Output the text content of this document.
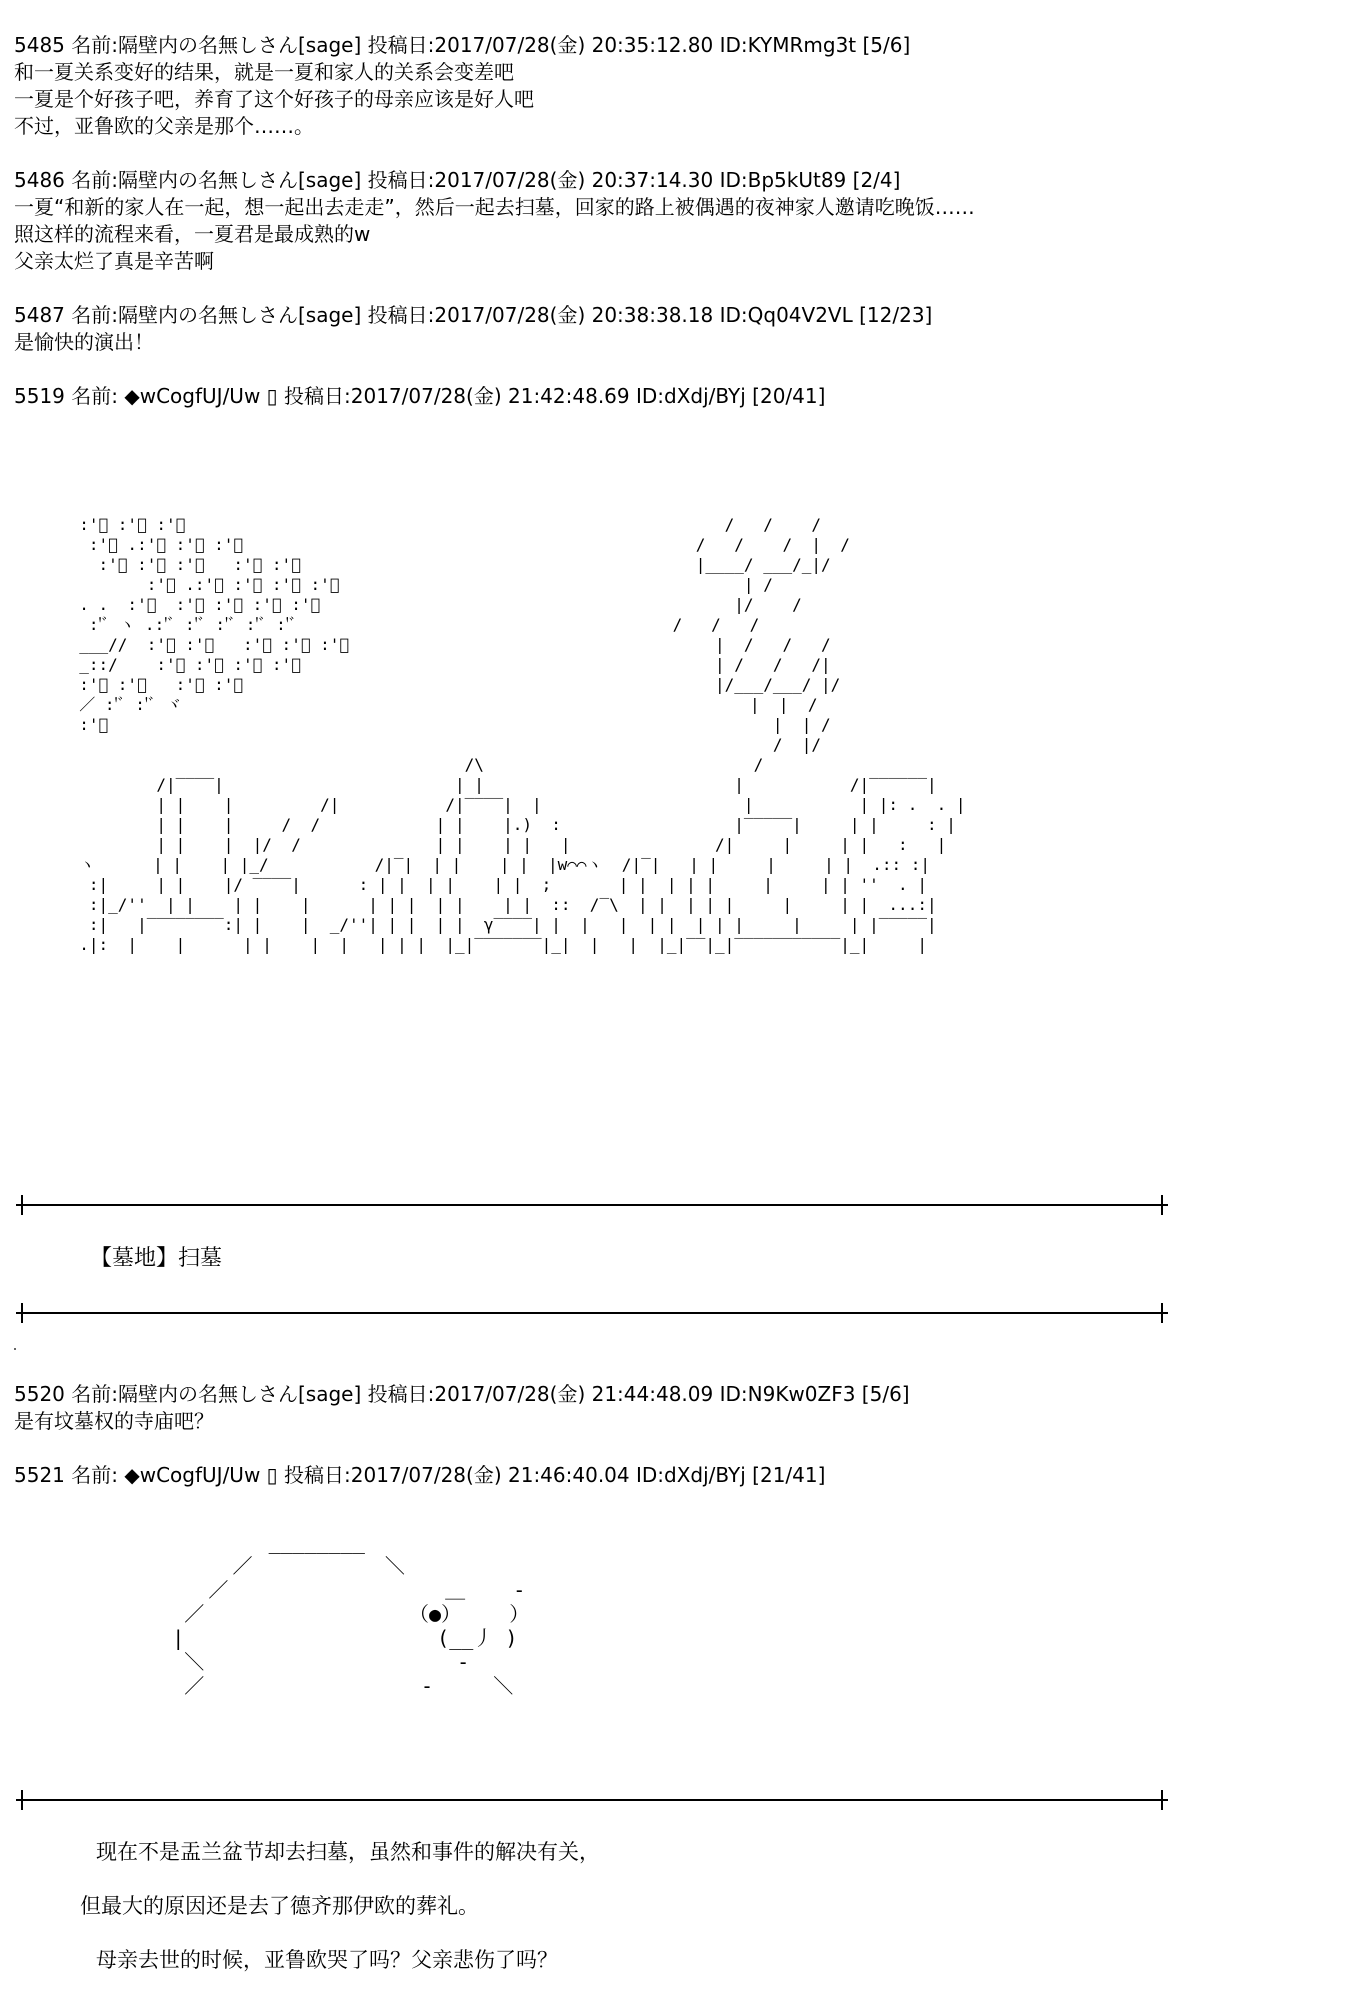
5485 名前:隔壁内の名無しさん[sage] 投稿日:2017/07/28(金) 20:35:12.80 ID:KYMRmg3t [5/6]
和一夏关系变好的结果，就是一夏和家人的关系会变差吧
一夏是个好孩子吧，养育了这个好孩子的母亲应该是好人吧
不过，亚鲁欧的父亲是那个……。
5486 名前:隔壁内の名無しさん[sage] 投稿日:2017/07/28(金) 20:37:14.30 ID:Bp5kUt89 [2/4]
一夏“和新的家人在一起，想一起出去走走”，然后一起去扫墓，回家的路上被偶遇的夜神家人邀请吃晚饭……
照这样的流程来看，一夏君是最成熟的w
父亲太烂了真是辛苦啊
5487 名前:隔壁内の名無しさん[sage] 投稿日:2017/07/28(金) 20:38:38.18 ID:Qq04V2VL [12/23]
是愉快的演出！
5519 名前: ◆wCogfUJ/Uw ▯ 投稿日:2017/07/28(金) 21:42:48.69 ID:dXdj/BYj [20/41]
:'ﾞ :'ﾞ :'ﾞ                                                        /   /    /
:'ﾞ .:'ﾞ :'ﾞ :'ﾞ                                               /   /    /  |  /
:'ﾞ :'ﾞ :'ﾞ   :'ﾞ :'ﾞ                                         |____/ ___/_|/
:'ﾞ .:'ﾞ :'ﾞ :'ﾞ :'ﾞ                                          | /
. .  :'ﾞ  :'ﾞ :'ﾞ :'ﾞ :'ﾞ                                           |/    /
:'ﾞ ヽ .:'ﾞ :'ﾞ :'ﾞ :'ﾞ :'ﾞ                                       /   /   /
___//  :'ﾞ :'ﾞ   :'ﾞ :'ﾞ :'ﾞ                                      |  /   /   /
_::/    :'ﾞ :'ﾞ :'ﾞ :'ﾞ                                           | /   /   /|
:'ﾞ :'ﾞ   :'ﾞ :'ﾞ                                                 |/___/___/ |/
／ :'ﾞ :'ﾞ ヾ                                                           |  |  /
:'ﾞ                                                                     |  | /
/  |/
/\                            /
/|‾‾‾‾|                        | |                          |           /|‾‾‾‾‾‾|
| |    |         /|           /|‾‾‾‾|  |                     |           | |: .  . |
| |    |     /  /            | |    |.)  :                  |‾‾‾‾‾|     | |     : |
| |    |  |/  /              | |    | |   |               /|     |     | |   :   |
ヽ      | |    | |_/           /|‾|  | |    | |  |w⌒⌒ヽ  /|‾|   | |     |     | |  .:: :|
:|     | |    |/ ‾‾‾‾|      : | |  | |    | |  ;       | |  | | |     |     | | ''  . |
:|_/''  | |    | |    |      | | |  | |    | |  ::  /‾\  | |  | | |     |     | |  ...:|
:|   |‾‾‾‾‾‾‾‾:| |    |  _/''| | |  | |  γ‾‾‾‾| |  |   |  | |  | | |     |     | |‾‾‾‾‾|
.|:  |    |      | |    |  |   | | |  |_|‾‾‾‾‾‾‾|_|  |   |  |_|‾‾|_|‾‾‾‾‾‾‾‾‾‾‾|_|     |
【墓地】扫墓
5520 名前:隔壁内の名無しさん[sage] 投稿日:2017/07/28(金) 21:44:48.09 ID:N9Kw0ZF3 [5/6]
是有坟墓权的寺庙吧？
5521 名前: ◆wCogfUJ/Uw ▯ 投稿日:2017/07/28(金) 21:46:40.04 ID:dXdj/BYj [21/41]
________
／           ＼
／                  ＿    ‐
／                 （●）    ）
|                     (__丿 )
＼                     ‐
／                  ‐     ＼
现在不是盂兰盆节却去扫墓，虽然和事件的解决有关，
但最大的原因还是去了德齐那伊欧的葬礼。
母亲去世的时候，亚鲁欧哭了吗？父亲悲伤了吗？
